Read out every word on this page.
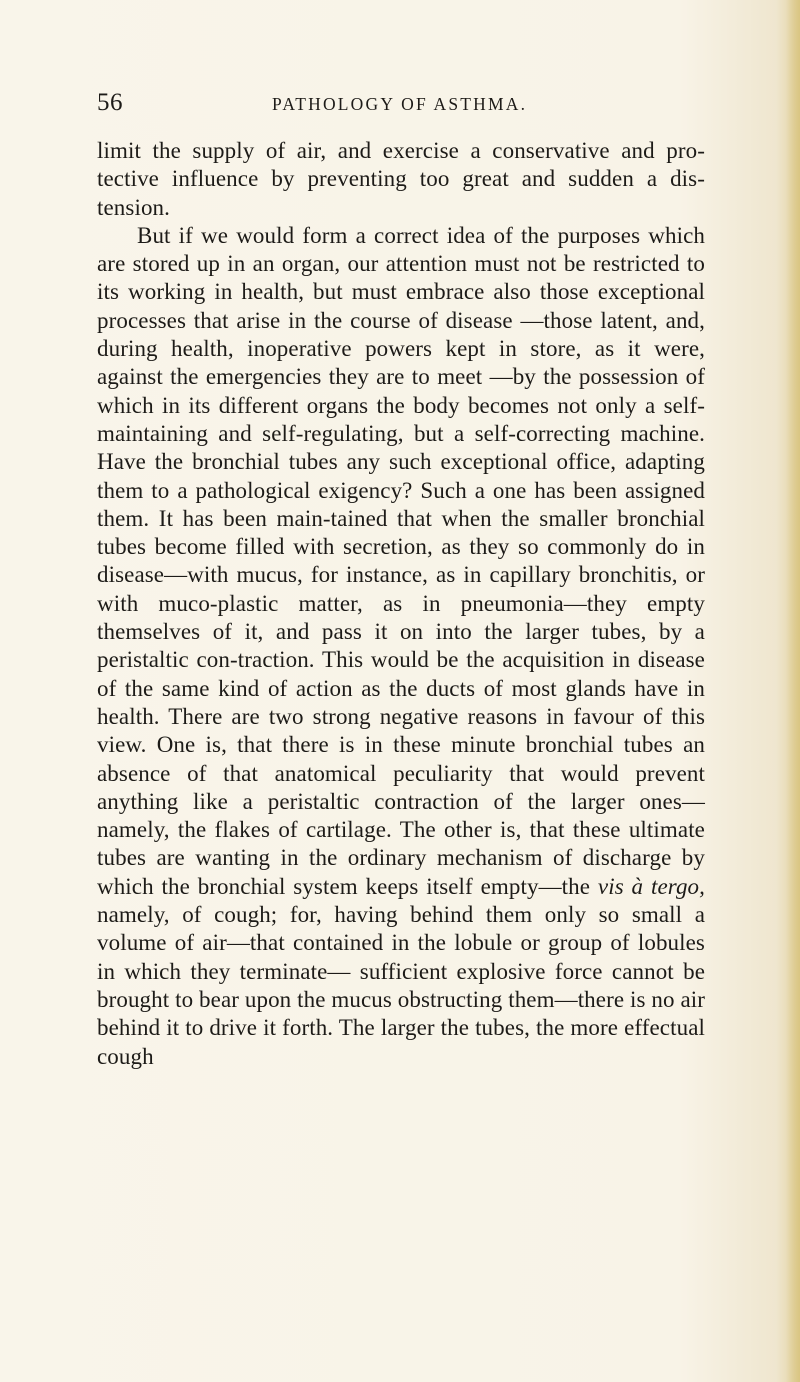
56	PATHOLOGY OF ASTHMA.

limit the supply of air, and exercise a conservative and pro-tective influence by preventing too great and sudden a dis-tension.

But if we would form a correct idea of the purposes which are stored up in an organ, our attention must not be restricted to its working in health, but must embrace also those exceptional processes that arise in the course of disease —those latent, and, during health, inoperative powers kept in store, as it were, against the emergencies they are to meet —by the possession of which in its different organs the body becomes not only a self-maintaining and self-regulating, but a self-correcting machine. Have the bronchial tubes any such exceptional office, adapting them to a pathological exigency? Such a one has been assigned them. It has been main-tained that when the smaller bronchial tubes become filled with secretion, as they so commonly do in disease—with mucus, for instance, as in capillary bronchitis, or with muco-plastic matter, as in pneumonia—they empty themselves of it, and pass it on into the larger tubes, by a peristaltic con-traction. This would be the acquisition in disease of the same kind of action as the ducts of most glands have in health. There are two strong negative reasons in favour of this view. One is, that there is in these minute bronchial tubes an absence of that anatomical peculiarity that would prevent anything like a peristaltic contraction of the larger ones—namely, the flakes of cartilage. The other is, that these ultimate tubes are wanting in the ordinary mechanism of discharge by which the bronchial system keeps itself empty—the vis à tergo, namely, of cough; for, having behind them only so small a volume of air—that contained in the lobule or group of lobules in which they terminate— sufficient explosive force cannot be brought to bear upon the mucus obstructing them—there is no air behind it to drive it forth. The larger the tubes, the more effectual cough
